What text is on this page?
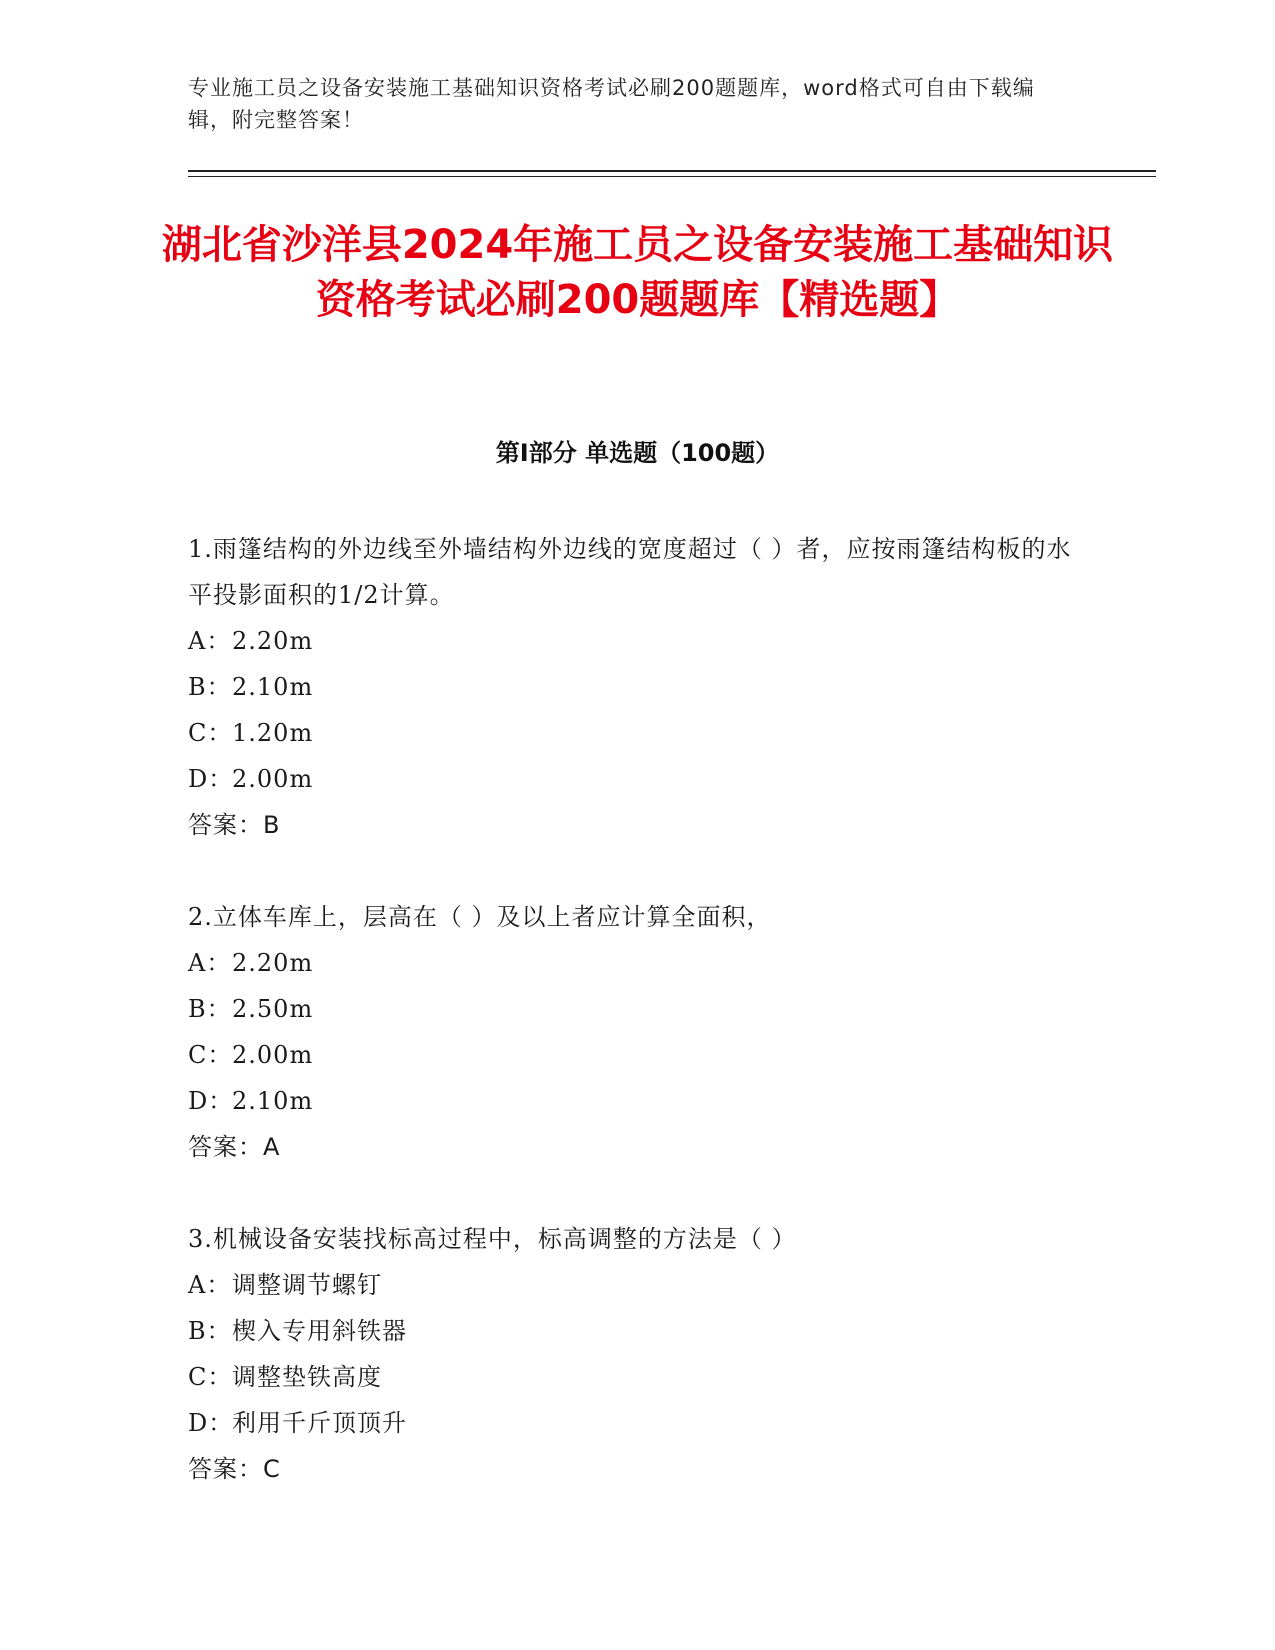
专业施工员之设备安装施工基础知识资格考试必刷200题题库，word格式可自由下载编辑，附完整答案！
湖北省沙洋县2024年施工员之设备安装施工基础知识资格考试必刷200题题库【精选题】
第I部分 单选题（100题）

1.雨篷结构的外边线至外墙结构外边线的宽度超过（ ）者，应按雨篷结构板的水平投影面积的1/2计算。

A：2.20m

B：2.10m

C：1.20m

D：2.00m

答案：B

2.立体车库上，层高在（ ）及以上者应计算全面积，

A：2.20m

B：2.50m

C：2.00m

D：2.10m

答案：A

3.机械设备安装找标高过程中，标高调整的方法是（ ）

A：调整调节螺钉

B：楔入专用斜铁器

C：调整垫铁高度

D：利用千斤顶顶升

答案：C
